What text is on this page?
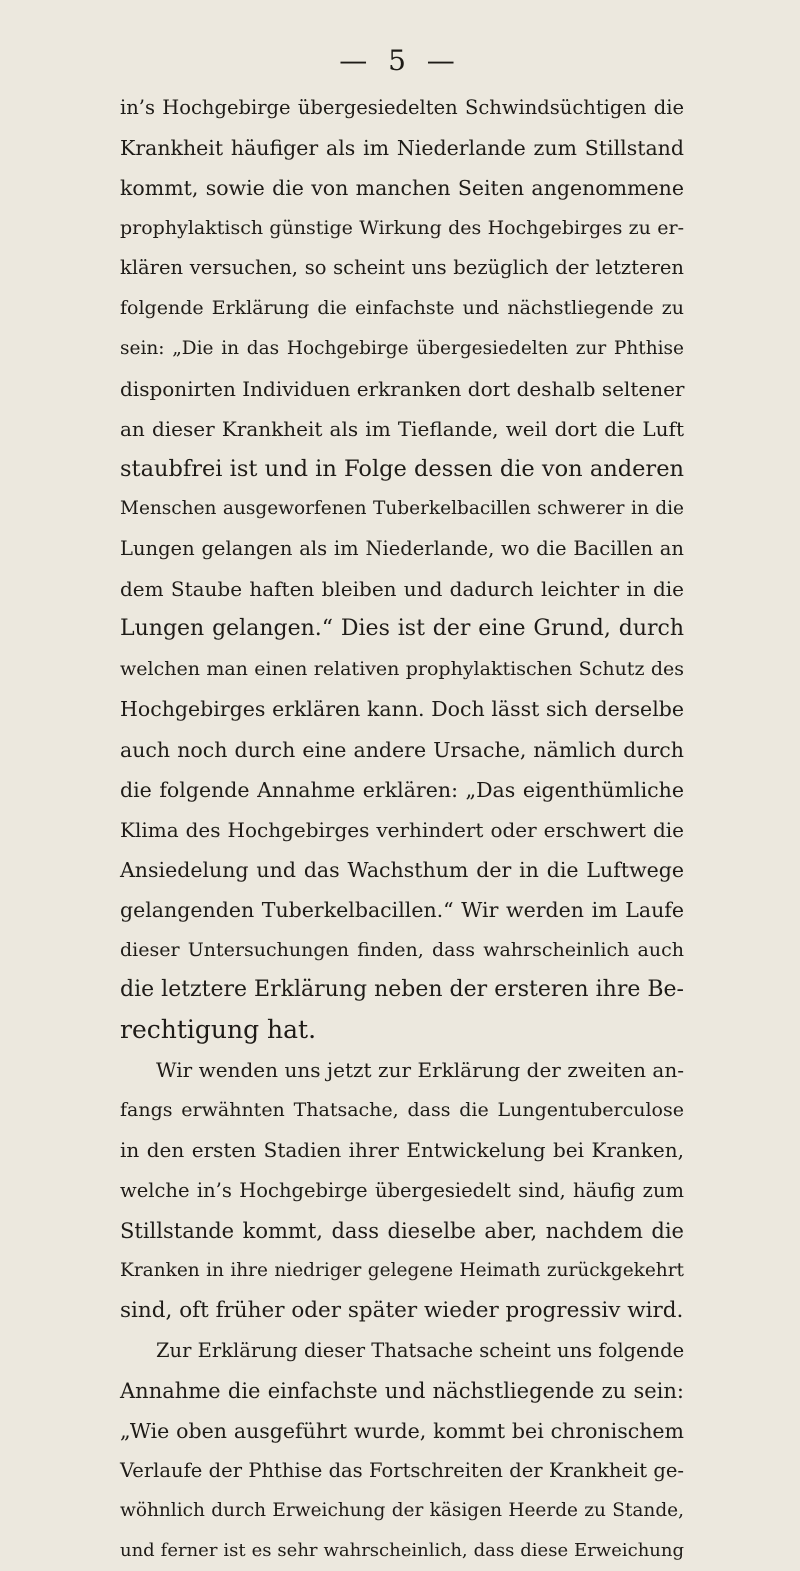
— 5 —
in’s Hochgebirge übergesiedelten Schwindsüchtigen die
Krankheit häufiger als im Niederlande zum Stillstand
kommt, sowie die von manchen Seiten angenommene
prophylaktisch günstige Wirkung des Hochgebirges zu er-
klären versuchen, so scheint uns bezüglich der letzteren
folgende Erklärung die einfachste und nächstliegende zu
sein: „Die in das Hochgebirge übergesiedelten zur Phthise
disponirten Individuen erkranken dort deshalb seltener
an dieser Krankheit als im Tieflande, weil dort die Luft
staubfrei ist und in Folge dessen die von anderen
Menschen ausgeworfenen Tuberkelbacillen schwerer in die
Lungen gelangen als im Niederlande, wo die Bacillen an
dem Staube haften bleiben und dadurch leichter in die
Lungen gelangen.“ Dies ist der eine Grund, durch
welchen man einen relativen prophylaktischen Schutz des
Hochgebirges erklären kann. Doch lässt sich derselbe
auch noch durch eine andere Ursache, nämlich durch
die folgende Annahme erklären: „Das eigenthümliche
Klima des Hochgebirges verhindert oder erschwert die
Ansiedelung und das Wachsthum der in die Luftwege
gelangenden Tuberkelbacillen.“ Wir werden im Laufe
dieser Untersuchungen finden, dass wahrscheinlich auch
die letztere Erklärung neben der ersteren ihre Be-
rechtigung hat.
Wir wenden uns jetzt zur Erklärung der zweiten an-
fangs erwähnten Thatsache, dass die Lungentuberculose
in den ersten Stadien ihrer Entwickelung bei Kranken,
welche in’s Hochgebirge übergesiedelt sind, häufig zum
Stillstande kommt, dass dieselbe aber, nachdem die
Kranken in ihre niedriger gelegene Heimath zurückgekehrt
sind, oft früher oder später wieder progressiv wird.
Zur Erklärung dieser Thatsache scheint uns folgende
Annahme die einfachste und nächstliegende zu sein:
„Wie oben ausgeführt wurde, kommt bei chronischem
Verlaufe der Phthise das Fortschreiten der Krankheit ge-
wöhnlich durch Erweichung der käsigen Heerde zu Stande,
und ferner ist es sehr wahrscheinlich, dass diese Erweichung
